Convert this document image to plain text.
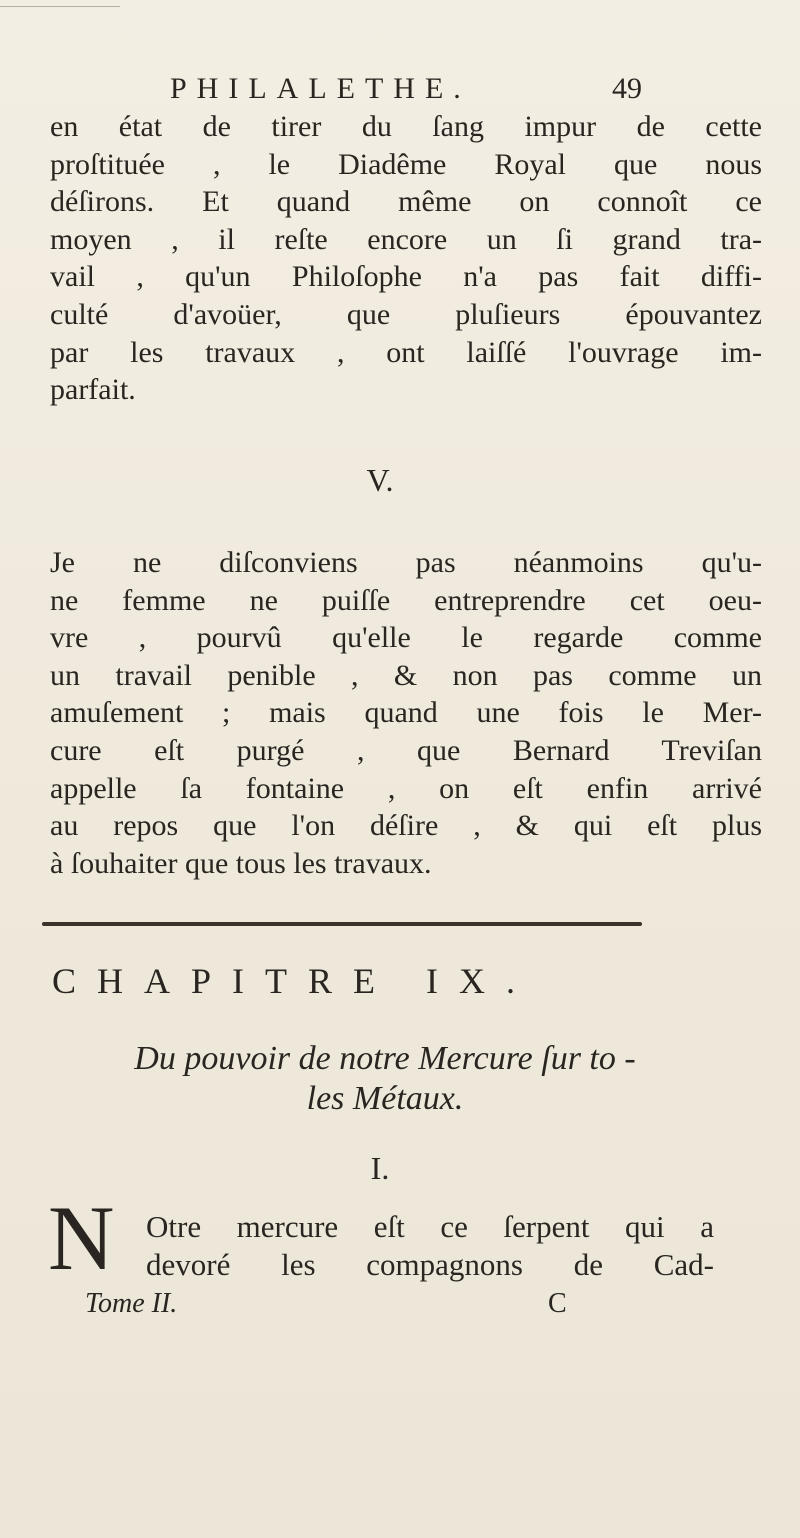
PHILALETHE.	49
en état de tirer du ſang impur de cette
proſtituée , le Diadême Royal que nous
déſirons. Et quand même on connoît ce
moyen , il reſte encore un ſi grand tra-
vail , qu'un Philoſophe n'a pas fait diffi-
culté d'avoüer, que pluſieurs épouvantez
par les travaux , ont laiſſé l'ouvrage im-
parfait.
V.
Je ne diſconviens pas néanmoins qu'u-
ne femme ne puiſſe entreprendre cet oeu-
vre , pourvû qu'elle le regarde comme
un travail penible , & non pas comme un
amuſement ; mais quand une fois le Mer-
cure eſt purgé , que Bernard Treviſan
appelle ſa fontaine , on eſt enfin arrivé
au repos que l'on déſire , & qui eſt plus
à ſouhaiter que tous les travaux.
CHAPITRE IX.
Du pouvoir de notre Mercure ſur to -
les Métaux.
I.
N Otre mercure eſt ce ſerpent qui a
devoré les compagnons de Cad-
Tome II.	C
